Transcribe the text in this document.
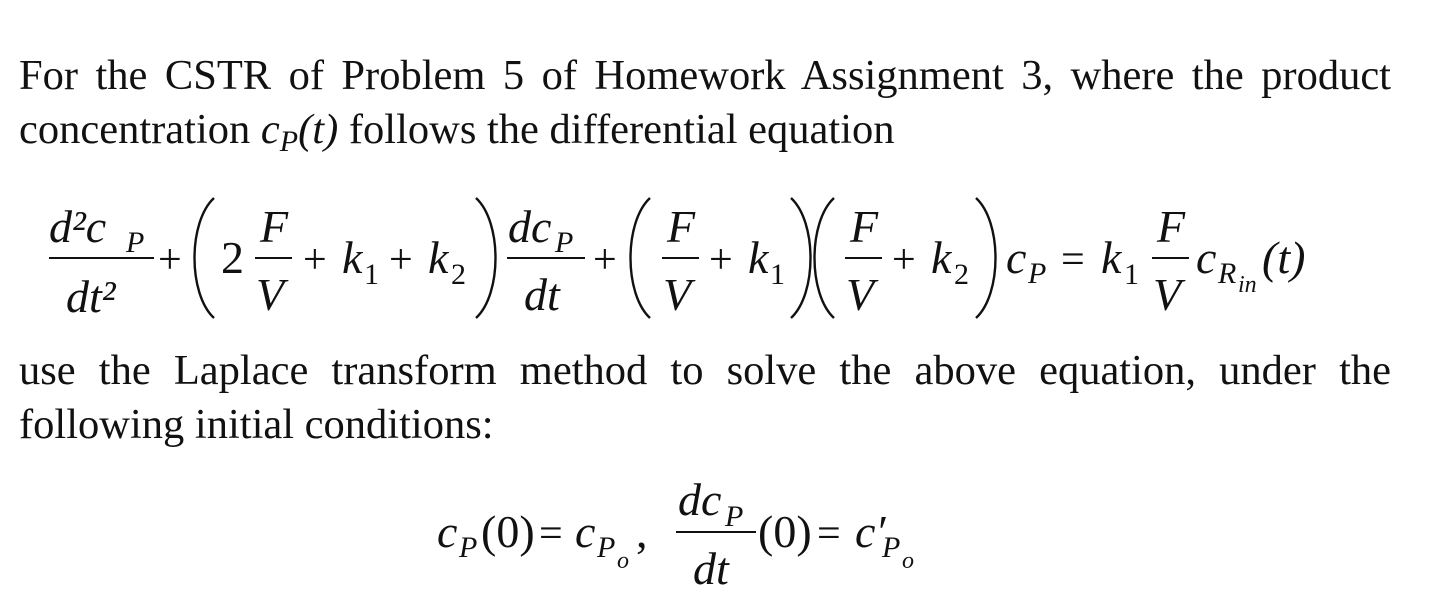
For the CSTR of Problem 5 of Homework Assignment 3, where the product concentration $c_P(t)$ follows the differential equation

use the Laplace transform method to solve the above equation, under the following initial conditions:

d²c P
dt²
+ 2
F
V
+ k 1 + k 2
dc P
dt
+
F
V
+ k 1
F
V
+ k 2 c P = k 1
F
V
c R in
(t)
c P (0) = c P o
,
dc P
dt
(0) = c′
P o
